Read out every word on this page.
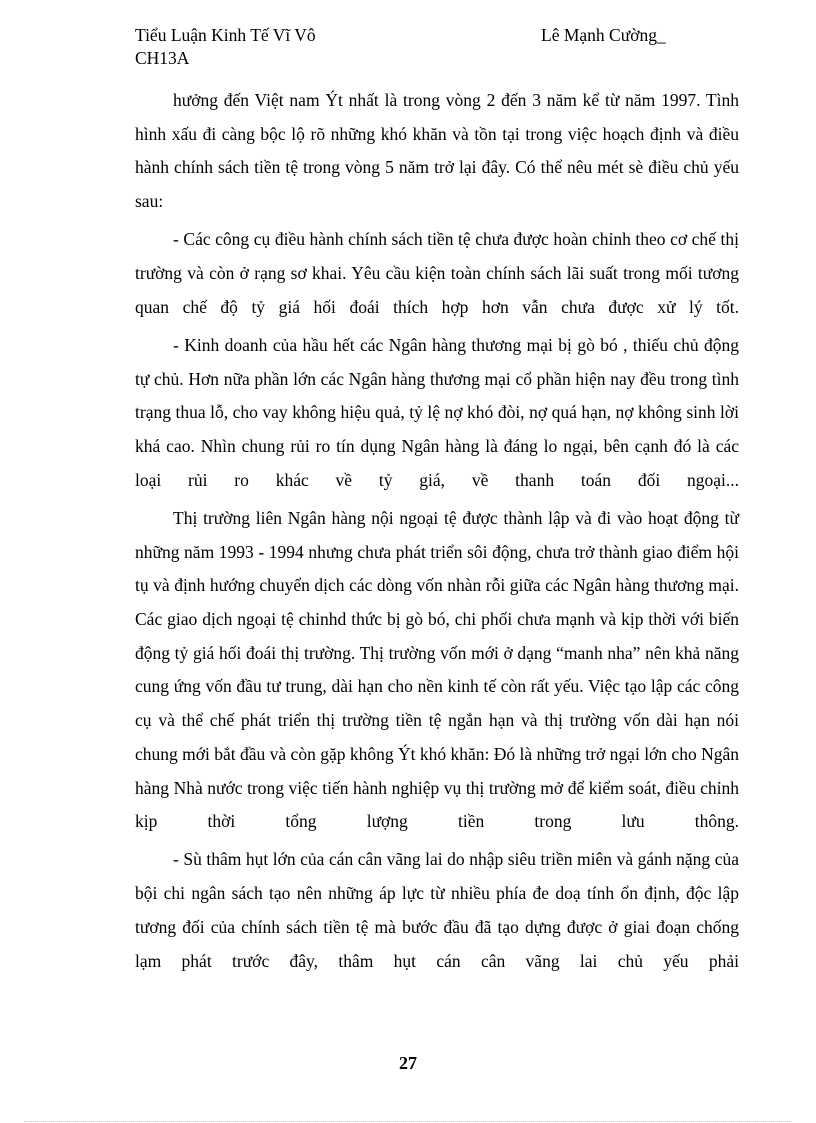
Tiểu Luận Kinh Tế Vĩ Vô	Lê Mạnh Cường_
CH13A

hưởng đến Việt nam Ýt nhất là trong vòng 2 đến 3 năm kể từ năm 1997. Tình hình xấu đi càng bộc lộ rõ những khó khăn và tồn tại trong việc hoạch định và điều hành chính sách tiền tệ trong vòng 5 năm trở lại đây. Có thể nêu mét sè điều chủ yếu sau:

- Các công cụ điều hành chính sách tiền tệ chưa được hoàn chỉnh theo cơ chế thị trường và còn ở rạng sơ khai. Yêu cầu kiện toàn chính sách lãi suất trong mối tương quan chế độ tỷ giá hối đoái thích hợp hơn vẫn chưa được xử lý tốt.

- Kinh doanh của hầu hết các Ngân hàng thương mại bị gò bó , thiếu chủ động tự chủ. Hơn nữa phần lớn các Ngân hàng thương mại cổ phần hiện nay đều trong tình trạng thua lỗ, cho vay không hiệu quả, tỷ lệ nợ khó đòi, nợ quá hạn, nợ không sinh lời khá cao. Nhìn chung rủi ro tín dụng Ngân hàng là đáng lo ngại, bên cạnh đó là các loại rủi ro khác về tỷ giá, về thanh toán đối ngoại...

Thị trường liên Ngân hàng nội ngoại tệ được thành lập và đi vào hoạt động từ những năm 1993 - 1994 nhưng chưa phát triển sôi động, chưa trở thành giao điểm hội tụ và định hướng chuyển dịch các dòng vốn nhàn rỗi giữa các Ngân hàng thương mại. Các giao dịch ngoại tệ chinhd thức bị gò bó, chi phối chưa mạnh và kịp thời với biến động tỷ giá hối đoái thị trường. Thị trường vốn mới ở dạng “manh nha” nên khả năng cung ứng vốn đầu tư trung, dài hạn cho nền kinh tế còn rất yếu. Việc tạo lập các công cụ và thể chế phát triển thị trường tiền tệ ngắn hạn và thị trường vốn dài hạn nói chung mới bắt đầu và còn gặp không Ýt khó khăn: Đó là những trở ngại lớn cho Ngân hàng Nhà nước trong việc tiến hành nghiệp vụ thị trường mở để kiểm soát, điều chỉnh kịp thời tổng lượng tiền trong lưu thông.

- Sù thâm hụt lớn của cán cân vãng lai do nhập siêu triền miên và gánh nặng của bội chi ngân sách tạo nên những áp lực từ nhiều phía đe doạ tính ổn định, độc lập tương đối của chính sách tiền tệ mà bước đầu đã tạo dựng được ở giai đoạn chống lạm phát trước đây, thâm hụt cán cân vãng lai chủ yếu phải

27
